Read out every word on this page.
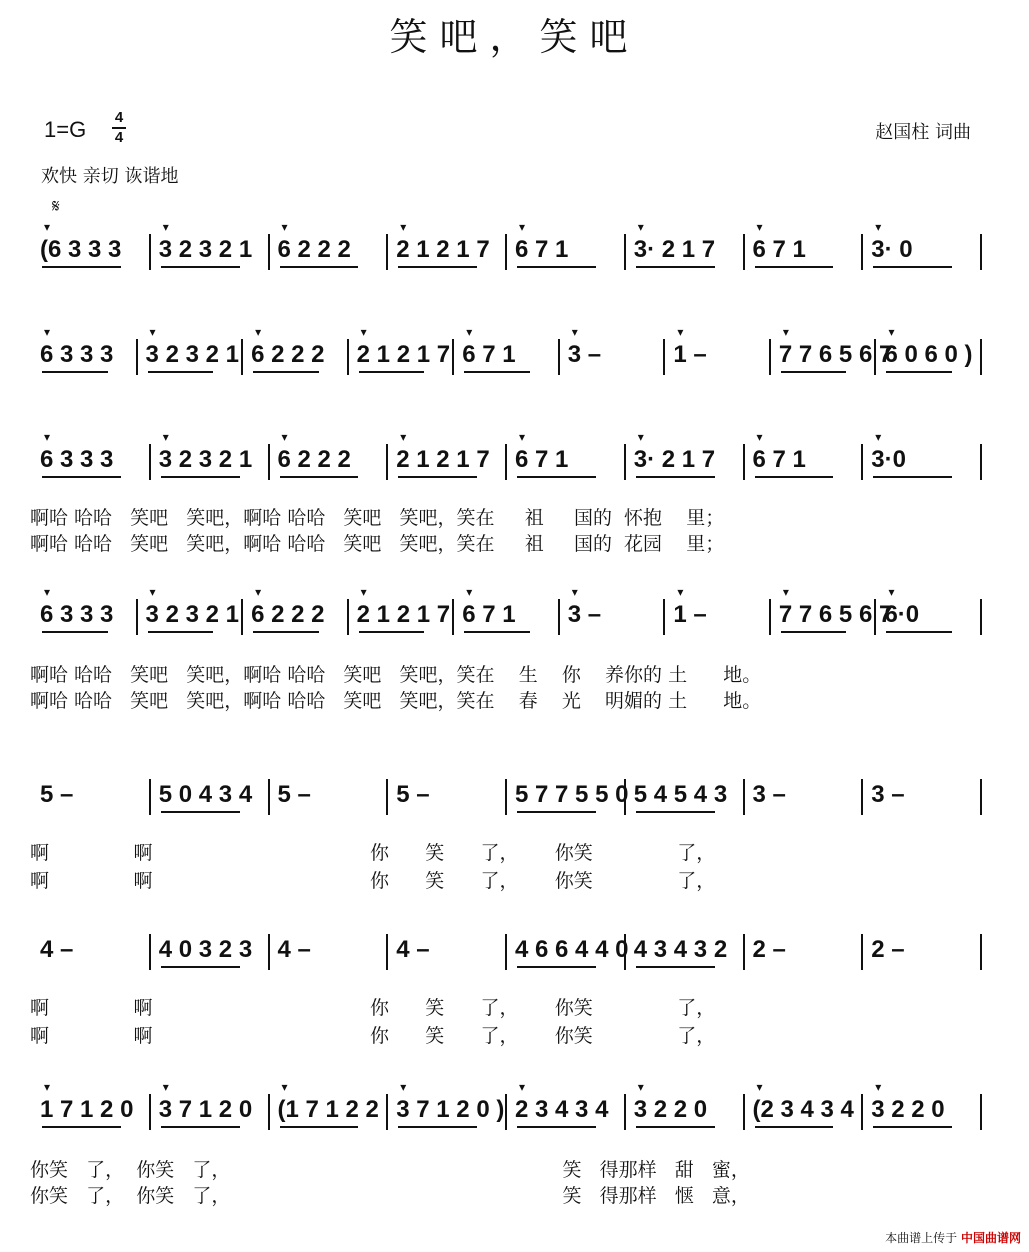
笑吧，笑吧
1=G 4
4	赵国柱 词曲
欢快 亲切 诙谐地
𝄋
(6 3 3 3
▾
3 2 3 2 1
▾
6 2 2 2
▾
2 1 2 1 7
▾
6 7 1
▾
3· 2 1 7
▾
6 7 1
▾
3· 0
▾
6 3 3 3
▾
3 2 3 2 1
▾
6 2 2 2
▾
2 1 2 1 7
▾
6 7 1
▾
3 –
▾
1 –
▾
7 7 6 5 6 7
▾
6 0 6 0 )
▾
6 3 3 3
▾
3 2 3 2 1
▾
6 2 2 2
▾
2 1 2 1 7
▾
6 7 1
▾
3· 2 1 7
▾
6 7 1
▾
3·0
▾
啊哈 哈哈   笑吧   笑吧，啊哈 哈哈   笑吧   笑吧，笑在     祖     国的  怀抱    里；
啊哈 哈哈   笑吧   笑吧，啊哈 哈哈   笑吧   笑吧，笑在     祖     国的  花园    里；
6 3 3 3
▾
3 2 3 2 1
▾
6 2 2 2
▾
2 1 2 1 7
▾
6 7 1
▾
3 –
▾
1 –
▾
7 7 6 5 6 7
▾
6·0
▾
啊哈 哈哈   笑吧   笑吧，啊哈 哈哈   笑吧   笑吧，笑在    生    你    养你的 土      地。
啊哈 哈哈   笑吧   笑吧，啊哈 哈哈   笑吧   笑吧，笑在    春    光    明媚的 土      地。
5 –	5 0 4 3 4 5 –	5 –	5 7 7 5 5 0 5 4 5 4 3 3 –	3 –
啊              啊                                    你      笑      了，      你笑              了，
啊              啊                                    你      笑      了，      你笑              了，
4 –	4 0 3 2 3 4 –	4 –	4 6 6 4 4 0 4 3 4 3 2 2 –	2 –
啊              啊                                    你      笑      了，      你笑              了，
啊              啊                                    你      笑      了，      你笑              了，
1 7 1 2 0
▾
3 7 1 2 0
▾
(1 7 1 2 2
▾
3 7 1 2 0 )
▾
2 3 4 3 4
▾
3 2 2 0
▾
(2 3 4 3 4
▾
3 2 2 0
▾
你笑   了，  你笑   了，                                                       笑   得那样   甜   蜜，
你笑   了，  你笑   了，                                                       笑   得那样   惬   意，
本曲谱上传于 中国曲谱网
